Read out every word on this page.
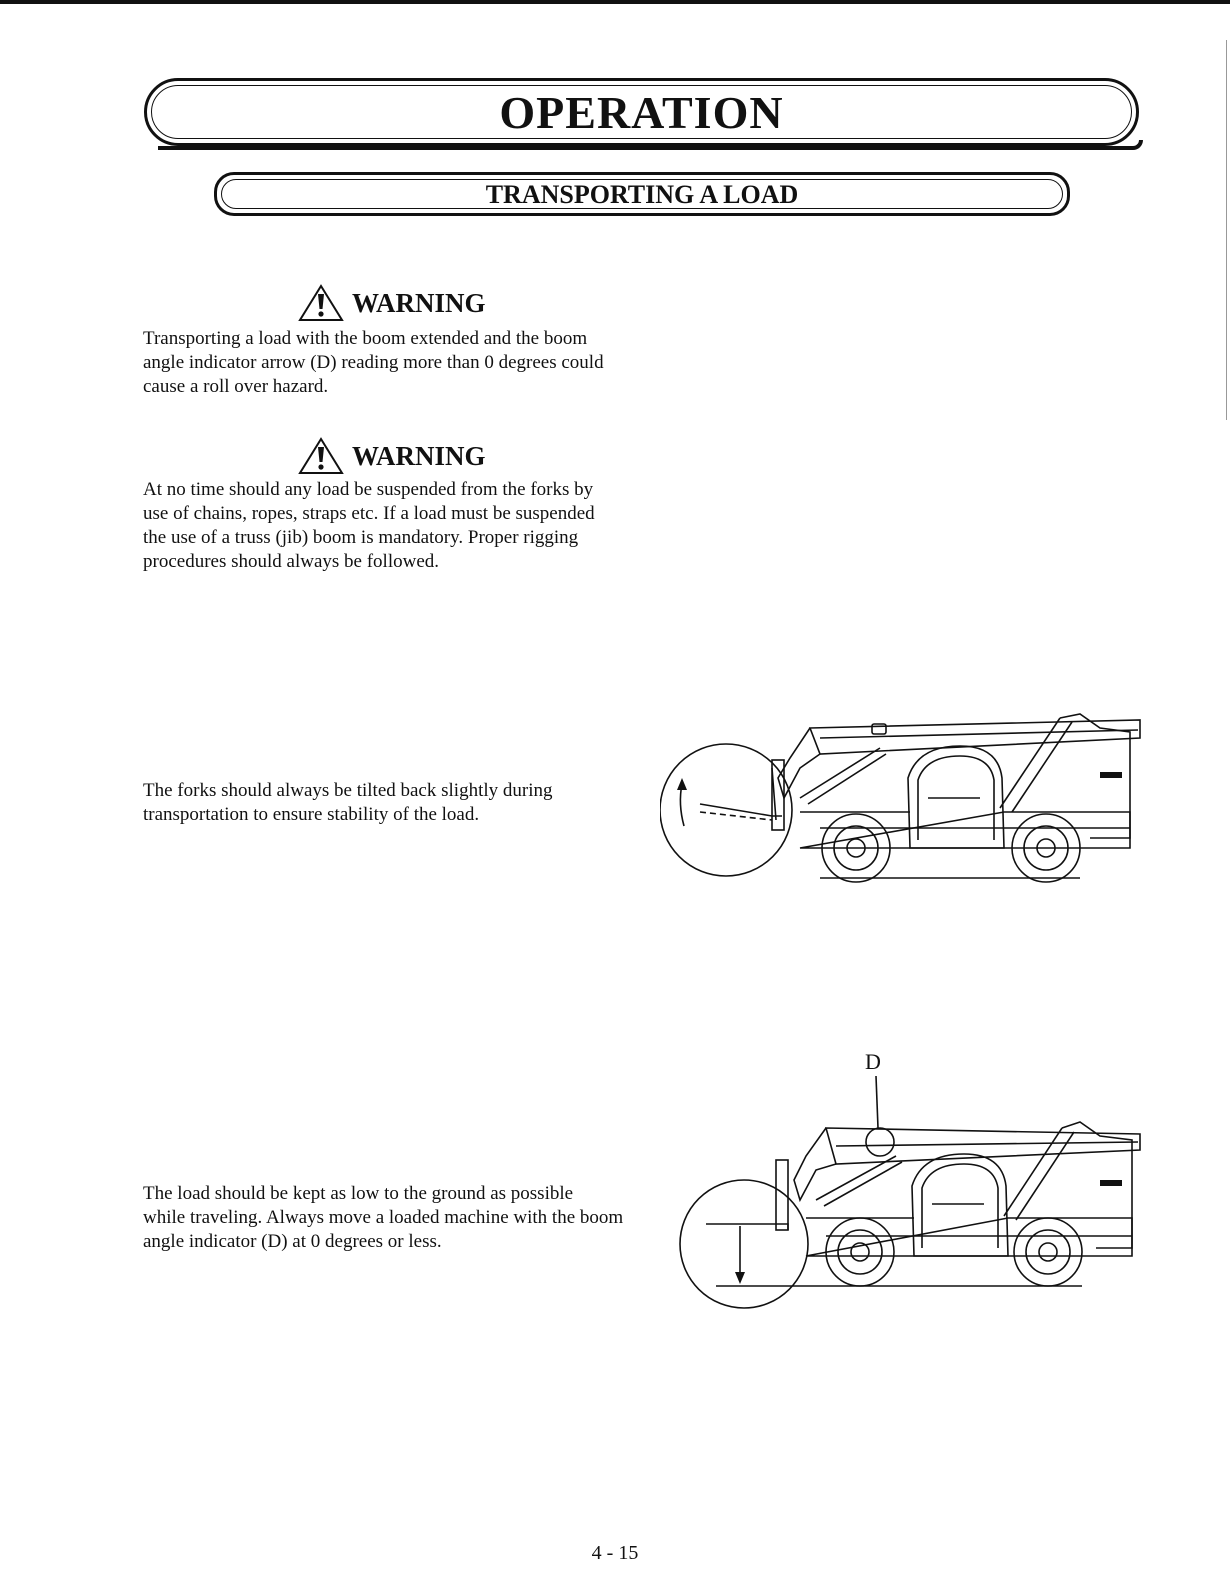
OPERATION
TRANSPORTING A LOAD
WARNING

Transporting a load with the boom extended and the boom
angle indicator arrow (D) reading more than 0 degrees could
cause a roll over hazard.

WARNING

At no time should any load be suspended from the forks by
use of chains, ropes, straps etc. If a load must be suspended
the use of a truss (jib) boom is mandatory. Proper rigging
procedures should always be followed.

The forks should always be tilted back slightly during
transportation to ensure stability of the load.

The load should be kept as low to the ground as possible
while traveling. Always move a loaded machine with the boom
angle indicator (D) at 0 degrees or less.

D
4 - 15
